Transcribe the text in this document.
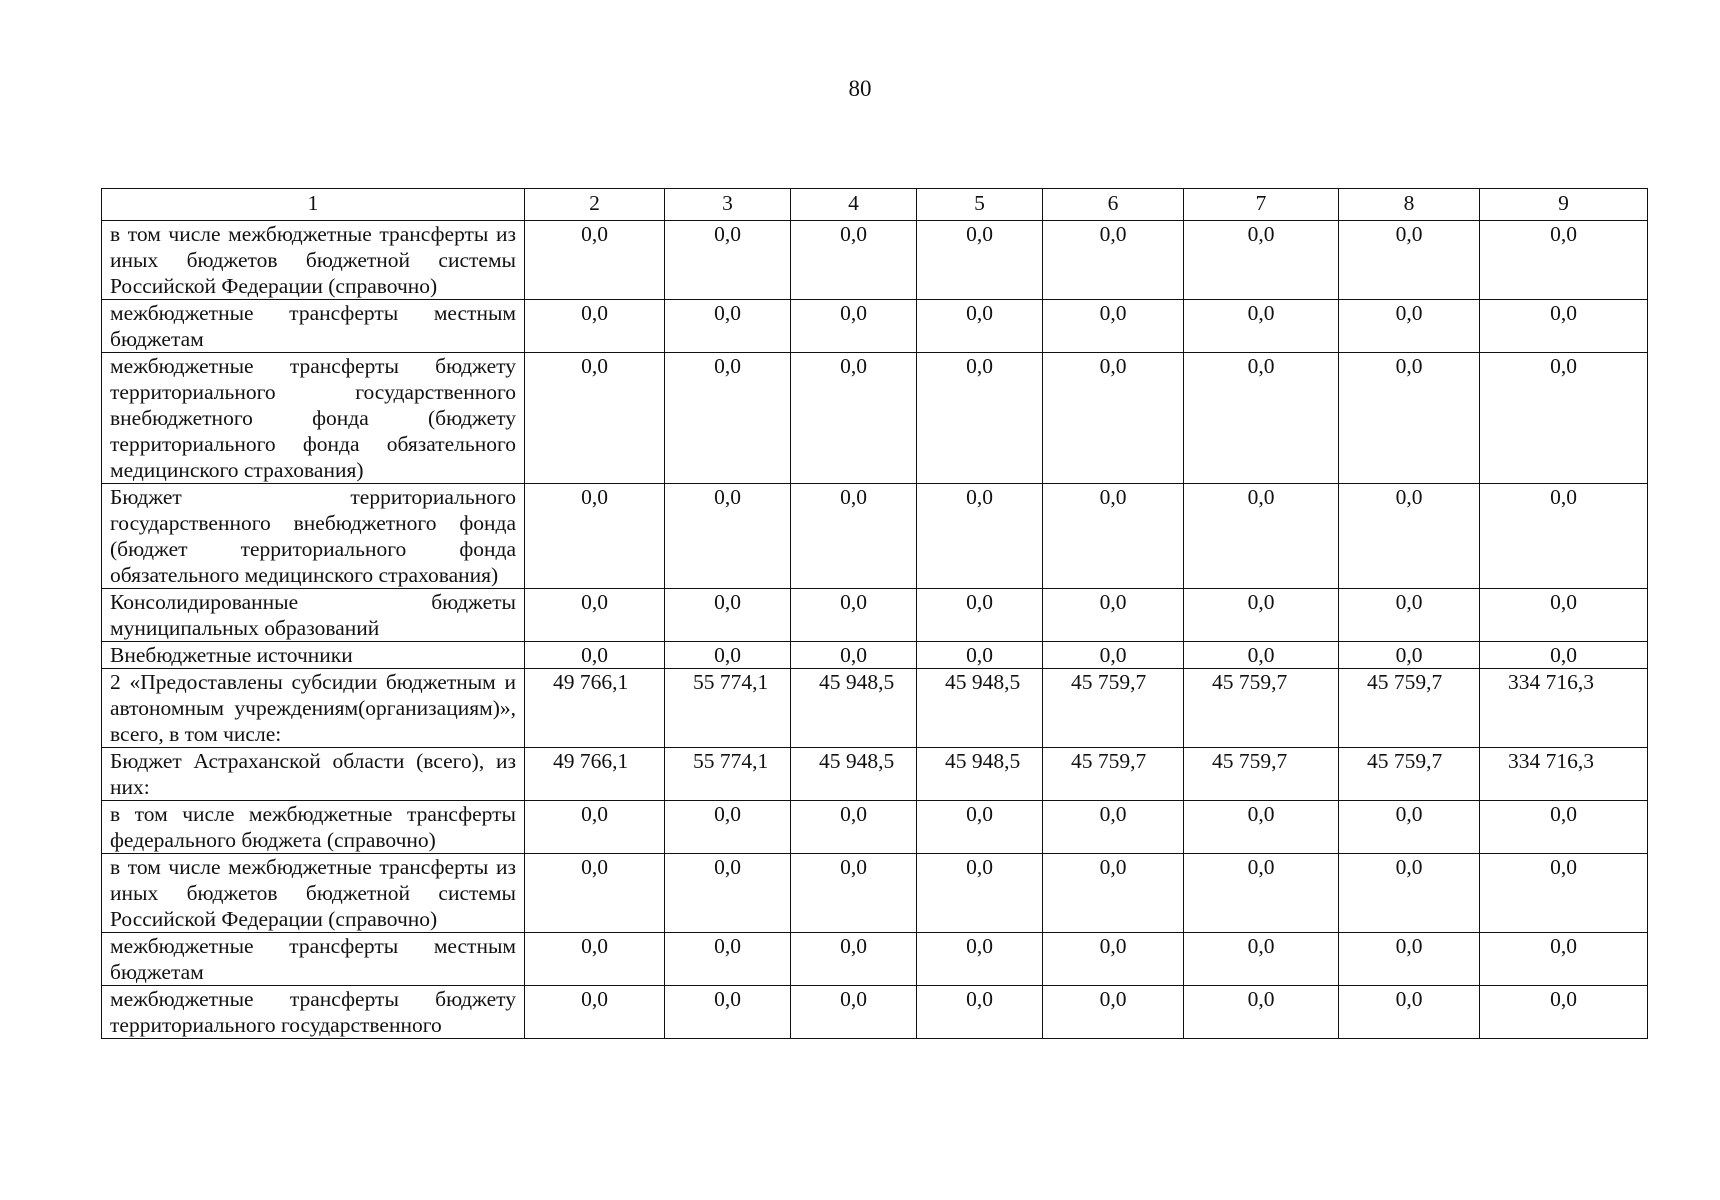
80
1	2	3	4	5	6	7	8	9
в том числе межбюджетные трансферты из иных бюджетов бюджетной системы Российской Федерации (справочно)	0,0	0,0	0,0	0,0	0,0	0,0	0,0	0,0
межбюджетные трансферты местным бюджетам	0,0	0,0	0,0	0,0	0,0	0,0	0,0	0,0
межбюджетные трансферты бюджету территориального государственного внебюджетного фонда (бюджету территориального фонда обязательного медицинского страхования)	0,0	0,0	0,0	0,0	0,0	0,0	0,0	0,0
Бюджет территориального государственного внебюджетного фонда (бюджет территориального фонда обязательного медицинского страхования)	0,0	0,0	0,0	0,0	0,0	0,0	0,0	0,0
Консолидированные бюджеты муниципальных образований	0,0	0,0	0,0	0,0	0,0	0,0	0,0	0,0
Внебюджетные источники	0,0	0,0	0,0	0,0	0,0	0,0	0,0	0,0
2 «Предоставлены субсидии бюджетным и автономным учреждениям(организациям)», всего, в том числе:	49 766,1	55 774,1	45 948,5	45 948,5	45 759,7	45 759,7	45 759,7	334 716,3
Бюджет Астраханской области (всего), из них:	49 766,1	55 774,1	45 948,5	45 948,5	45 759,7	45 759,7	45 759,7	334 716,3
в том числе межбюджетные трансферты федерального бюджета (справочно)	0,0	0,0	0,0	0,0	0,0	0,0	0,0	0,0
в том числе межбюджетные трансферты из иных бюджетов бюджетной системы Российской Федерации (справочно)	0,0	0,0	0,0	0,0	0,0	0,0	0,0	0,0
межбюджетные трансферты местным бюджетам	0,0	0,0	0,0	0,0	0,0	0,0	0,0	0,0
межбюджетные трансферты бюджету территориального государственного	0,0	0,0	0,0	0,0	0,0	0,0	0,0	0,0
